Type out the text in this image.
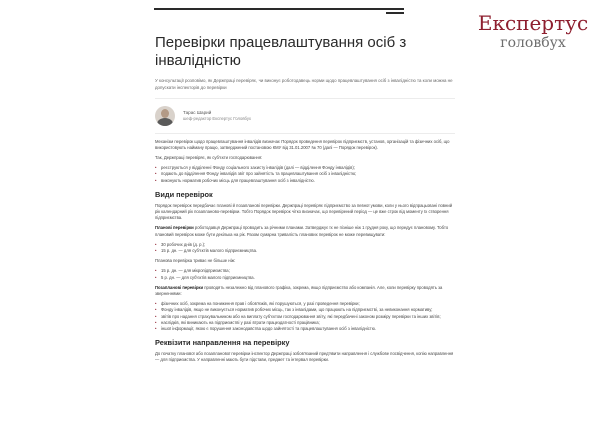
Експертус
головбух
Перевірки працевлаштування осіб з інвалідністю

У консультації розповімо, як Держпраці перевіряє, чи виконує роботодавець норми щодо працевлаштування осіб з інвалідністю та коли можна не допускати інспекторів до перевірки

Тарас Шарий
шеф-редактор Експертус Головбух

Механізм перевірок щодо працевлаштування інвалідів визначає Порядок проведення перевірок підприємств, установ, організацій та фізичних осіб, що використовують найману працю, затверджений постановою КМУ від 31.01.2007 № 70 (далі — Порядок перевірок).

Так, Держпраці перевіряє, як суб'єкти господарювання:

• реєструються у відділенні Фонду соціального захисту інвалідів (далі — відділення Фонду інвалідів);
• подають до відділення Фонду інвалідів звіт про зайнятість та працевлаштування осіб з інвалідністю;
• виконують норматив робочих місць для працевлаштування осіб з інвалідністю.
Види перевірок

Порядок перевірок передбачає планові й позапланові перевірки. Держпраці перевіряє підприємство за певної умови, коли у нього відпрацьовані повний рік календарний рік позапланово-перевірки. Тобто Порядок перевірок чітко визначає, що перевірений період — це вже строк від моменту їх створення підприємства.

Планові перевірки роботодавця Держпраці проводить за річними планами. Затверджує їх не пізніше ніж 1 грудня року, що передує плановому. Тобто плановий перевірок може бути декілька на рік. Разом сумарна тривалість планових перевірок не може перевищувати:

• 30 робочих днів (д. р.);
• 15 р. дн. — для суб'єктів малого підприємництва.

Планова перевірка триває не більше ніж:

• 15 р. дн. — для мікропідприємства;
• 5 р. дн. — для суб'єктів малого підприємництва.

Позапланові перевірки проводять незалежно від планового графіка, зокрема, якщо підприємство або компанія. Але, коли перевірку проводять за зверненнями:

• фізичних осіб, зокрема на пониження прав і обов'язків, які порушуються, у разі проведення перевірки;
• Фонду інвалідів, якщо не виконується норматив робочих місць, так з інвалідами, що працюють на підприємстві, за невиконання нормативу;
• звітів про надання страхувальником або на виплату суб'єктом господарювання звіту, які передбачені законом розміру перевірки та інших звітів;
• наслідків, які виникають на підприємстві у разі втрати працездатності працівника;
• іншої інформації, якою є порушення законодавства щодо зайнятості та працевлаштування осіб з інвалідністю.
Реквізити направлення на перевірку

До початку планової або позапланової перевірки інспектор Держпраці зобов'язаний пред'явити направлення і службове посвідчення, копію направлення — для підприємства. У направленні мають бути підстави, предмет та інтервал перевірки.
